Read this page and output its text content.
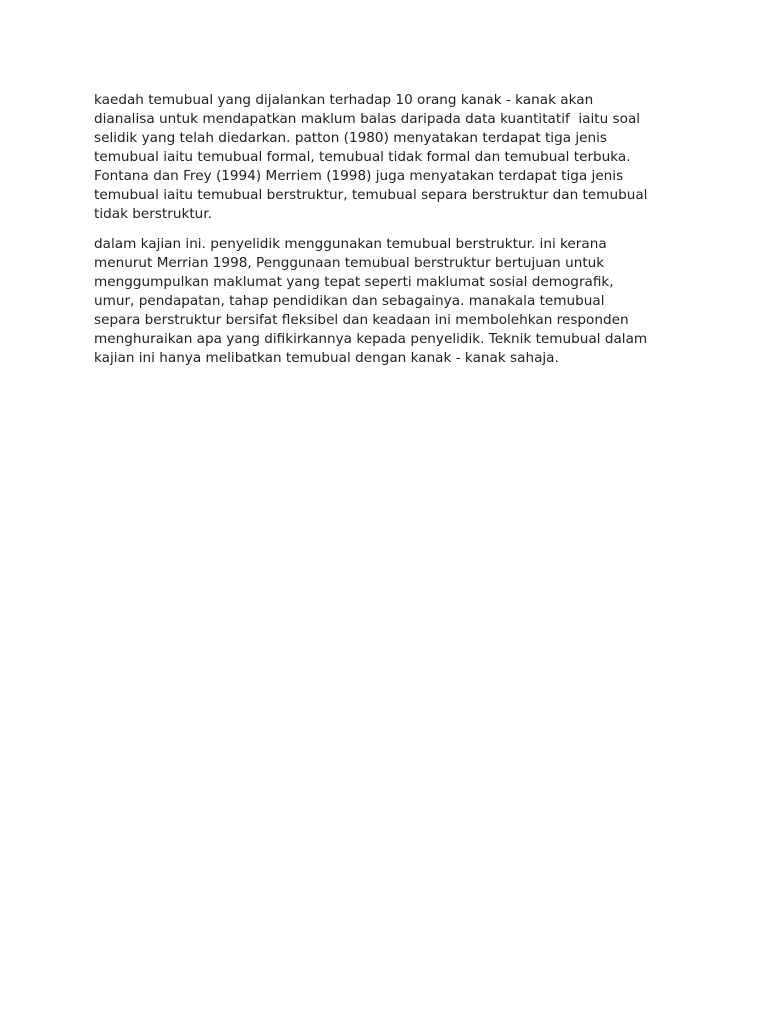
kaedah temubual yang dijalankan terhadap 10 orang kanak - kanak akan
dianalisa untuk mendapatkan maklum balas daripada data kuantitatif  iaitu soal
selidik yang telah diedarkan. patton (1980) menyatakan terdapat tiga jenis
temubual iaitu temubual formal, temubual tidak formal dan temubual terbuka.
Fontana dan Frey (1994) Merriem (1998) juga menyatakan terdapat tiga jenis
temubual iaitu temubual berstruktur, temubual separa berstruktur dan temubual
tidak berstruktur.

dalam kajian ini. penyelidik menggunakan temubual berstruktur. ini kerana
menurut Merrian 1998, Penggunaan temubual berstruktur bertujuan untuk
menggumpulkan maklumat yang tepat seperti maklumat sosial demografik,
umur, pendapatan, tahap pendidikan dan sebagainya. manakala temubual
separa berstruktur bersifat fleksibel dan keadaan ini membolehkan responden
menghuraikan apa yang difikirkannya kepada penyelidik. Teknik temubual dalam
kajian ini hanya melibatkan temubual dengan kanak - kanak sahaja.
